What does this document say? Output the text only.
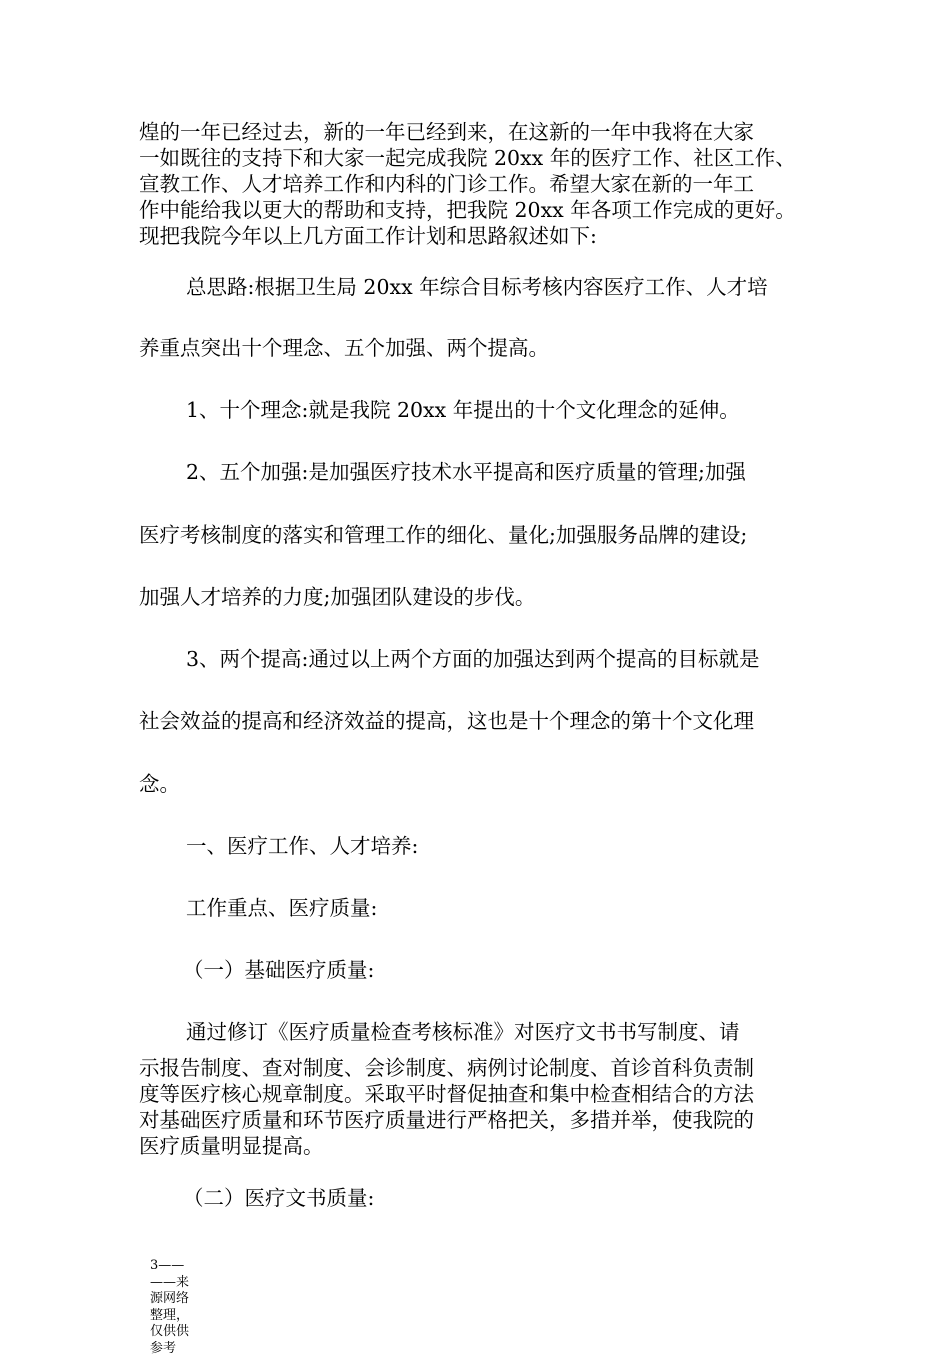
煌的一年已经过去，新的一年已经到来，在这新的一年中我将在大家
一如既往的支持下和大家一起完成我院 20xx 年的医疗工作、社区工作、
宣教工作、人才培养工作和内科的门诊工作。希望大家在新的一年工
作中能给我以更大的帮助和支持，把我院 20xx 年各项工作完成的更好。
现把我院今年以上几方面工作计划和思路叙述如下:
总思路:根据卫生局 20xx 年综合目标考核内容医疗工作、人才培
养重点突出十个理念、五个加强、两个提高。
1、十个理念:就是我院 20xx 年提出的十个文化理念的延伸。
2、五个加强:是加强医疗技术水平提高和医疗质量的管理;加强
医疗考核制度的落实和管理工作的细化、量化;加强服务品牌的建设;
加强人才培养的力度;加强团队建设的步伐。
3、两个提高:通过以上两个方面的加强达到两个提高的目标就是
社会效益的提高和经济效益的提高，这也是十个理念的第十个文化理
念。
一、医疗工作、人才培养:
工作重点、医疗质量:
（一）基础医疗质量:
通过修订《医疗质量检查考核标准》对医疗文书书写制度、请
示报告制度、查对制度、会诊制度、病例讨论制度、首诊首科负责制
度等医疗核心规章制度。采取平时督促抽查和集中检查相结合的方法
对基础医疗质量和环节医疗质量进行严格把关，多措并举，使我院的
医疗质量明显提高。
（二）医疗文书质量:
3——
——来
源网络
整理，
仅供供
参考
